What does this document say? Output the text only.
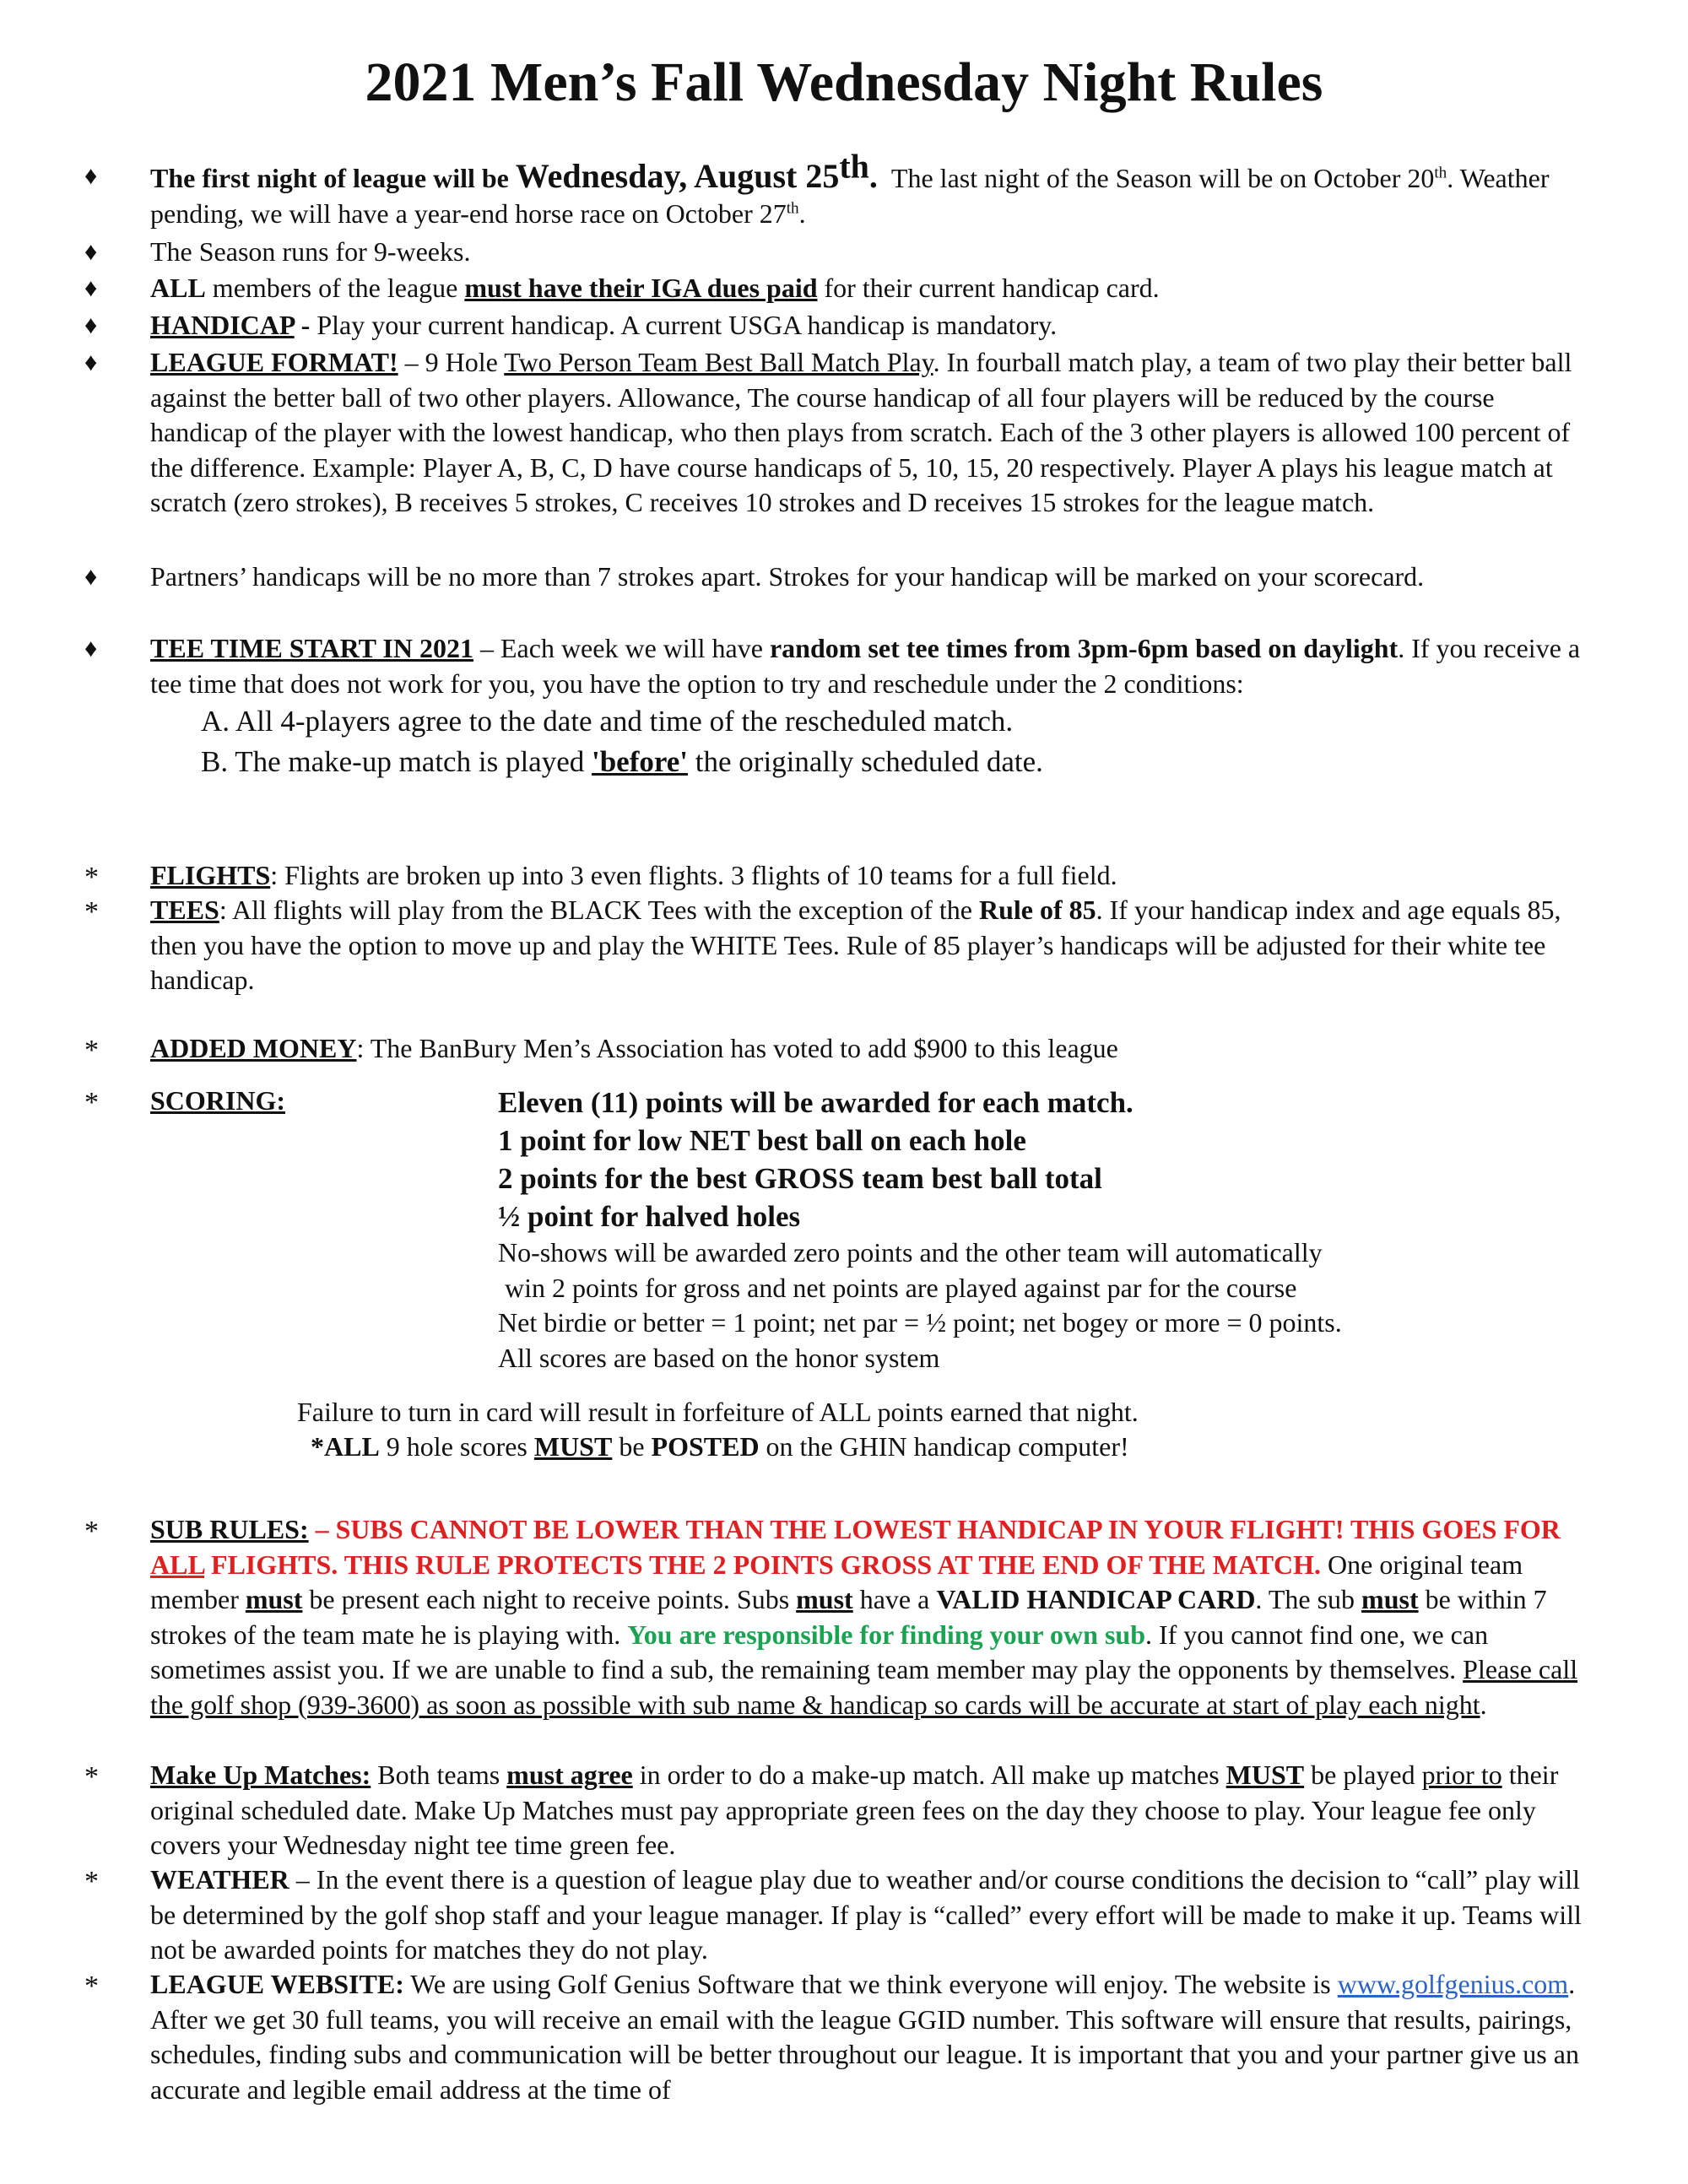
2021 Men’s Fall Wednesday Night Rules
♦	The first night of league will be Wednesday, August 25th. The last night of the Season will be on October 20th. Weather pending, we will have a year-end horse race on October 27th.
♦	The Season runs for 9-weeks.
♦	ALL members of the league must have their IGA dues paid for their current handicap card.
♦	HANDICAP - Play your current handicap. A current USGA handicap is mandatory.
♦	LEAGUE FORMAT! – 9 Hole Two Person Team Best Ball Match Play. In fourball match play, a team of two play their better ball against the better ball of two other players. Allowance, The course handicap of all four players will be reduced by the course handicap of the player with the lowest handicap, who then plays from scratch. Each of the 3 other players is allowed 100 percent of the difference. Example: Player A, B, C, D have course handicaps of 5, 10, 15, 20 respectively. Player A plays his league match at scratch (zero strokes), B receives 5 strokes, C receives 10 strokes and D receives 15 strokes for the league match.
♦	Partners’ handicaps will be no more than 7 strokes apart. Strokes for your handicap will be marked on your scorecard.
♦	TEE TIME START IN 2021 – Each week we will have random set tee times from 3pm-6pm based on daylight. If you receive a tee time that does not work for you, you have the option to try and reschedule under the 2 conditions:
A. All 4-players agree to the date and time of the rescheduled match.
B. The make-up match is played 'before' the originally scheduled date.
*	FLIGHTS: Flights are broken up into 3 even flights. 3 flights of 10 teams for a full field.
*	TEES: All flights will play from the BLACK Tees with the exception of the Rule of 85. If your handicap index and age equals 85, then you have the option to move up and play the WHITE Tees. Rule of 85 player’s handicaps will be adjusted for their white tee handicap.
*	ADDED MONEY: The BanBury Men’s Association has voted to add $900 to this league
*	SCORING:	Eleven (11) points will be awarded for each match.
1 point for low NET best ball on each hole
2 points for the best GROSS team best ball total
½ point for halved holes
No-shows will be awarded zero points and the other team will automatically
win 2 points for gross and net points are played against par for the course
Net birdie or better = 1 point; net par = ½ point; net bogey or more = 0 points.
All scores are based on the honor system
Failure to turn in card will result in forfeiture of ALL points earned that night.
*ALL 9 hole scores MUST be POSTED on the GHIN handicap computer!
*	SUB RULES: – SUBS CANNOT BE LOWER THAN THE LOWEST HANDICAP IN YOUR FLIGHT! THIS GOES FOR ALL FLIGHTS. THIS RULE PROTECTS THE 2 POINTS GROSS AT THE END OF THE MATCH. One original team member must be present each night to receive points. Subs must have a VALID HANDICAP CARD. The sub must be within 7 strokes of the team mate he is playing with. You are responsible for finding your own sub. If you cannot find one, we can sometimes assist you. If we are unable to find a sub, the remaining team member may play the opponents by themselves. Please call the golf shop (939-3600) as soon as possible with sub name & handicap so cards will be accurate at start of play each night.
*	Make Up Matches: Both teams must agree in order to do a make-up match. All make up matches MUST be played prior to their original scheduled date. Make Up Matches must pay appropriate green fees on the day they choose to play. Your league fee only covers your Wednesday night tee time green fee.
*	WEATHER – In the event there is a question of league play due to weather and/or course conditions the decision to “call” play will be determined by the golf shop staff and your league manager. If play is “called” every effort will be made to make it up. Teams will not be awarded points for matches they do not play.
*	LEAGUE WEBSITE: We are using Golf Genius Software that we think everyone will enjoy. The website is www.golfgenius.com. After we get 30 full teams, you will receive an email with the league GGID number. This software will ensure that results, pairings, schedules, finding subs and communication will be better throughout our league. It is important that you and your partner give us an accurate and legible email address at the time of
